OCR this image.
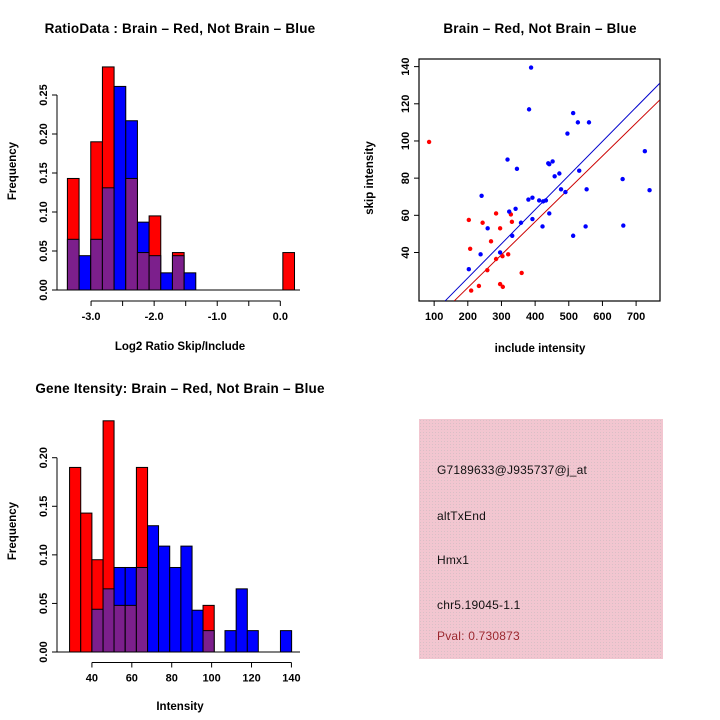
-3.0	-2.0	-1.0	0.0
0.00
0.05
0.10
0.15
0.20
0.25
RatioData : Brain – Red, Not Brain – Blue
Log2 Ratio Skip/Include
Frequency
100 200 300 400 500 600 700
40
60
80
100
120
140
Brain – Red, Not Brain – Blue
include intensity
skip intensity
40	60	80 100 120 140
0.00
0.05
0.10
0.15
0.20
Gene Itensity: Brain – Red, Not Brain – Blue
Intensity
Frequency
G7189633@J935737@j_at
altTxEnd
Hmx1
chr5.19045-1.1
Pval: 0.730873
